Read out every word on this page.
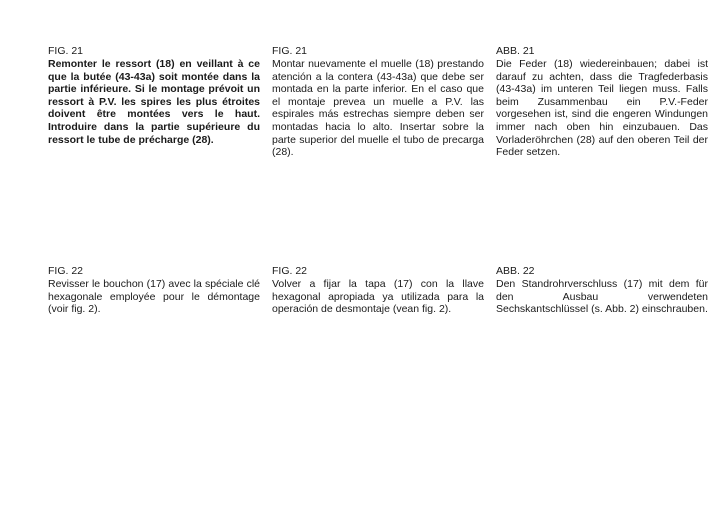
FIG. 21

Remonter le ressort (18) en veillant à ce que la butée (43-43a) soit montée dans la partie inférieure. Si le montage prévoit un ressort à P.V. les spires les plus étroites doivent être montées vers le haut. Introduire dans la partie supérieure du ressort le tube de précharge (28).

FIG. 21

Montar nuevamente el muelle (18) prestando atención a la contera (43-43a) que debe ser montada en la parte inferior. En el caso que el montaje prevea un muelle a P.V. las espirales más estrechas siempre deben ser montadas hacia lo alto. Insertar sobre la parte superior del muelle el tubo de precarga (28).

ABB. 21

Die Feder (18) wiedereinbauen; dabei ist darauf zu achten, dass die Tragfederbasis (43-43a) im unteren Teil liegen muss. Falls beim Zusammenbau ein P.V.-Feder vorgesehen ist, sind die engeren Windungen immer nach oben hin einzubauen. Das Vorladeröhrchen (28) auf den oberen Teil der Feder setzen.

FIG. 22

Revisser le bouchon (17) avec la spéciale clé hexagonale employée pour le démontage (voir fig. 2).

FIG. 22

Volver a fijar la tapa (17) con la llave hexagonal apropiada ya utilizada para la operación de desmontaje (vean fig. 2).

ABB. 22

Den Standrohrverschluss (17) mit dem für den Ausbau verwendeten Sechskantschlüssel (s. Abb. 2) einschrauben.
